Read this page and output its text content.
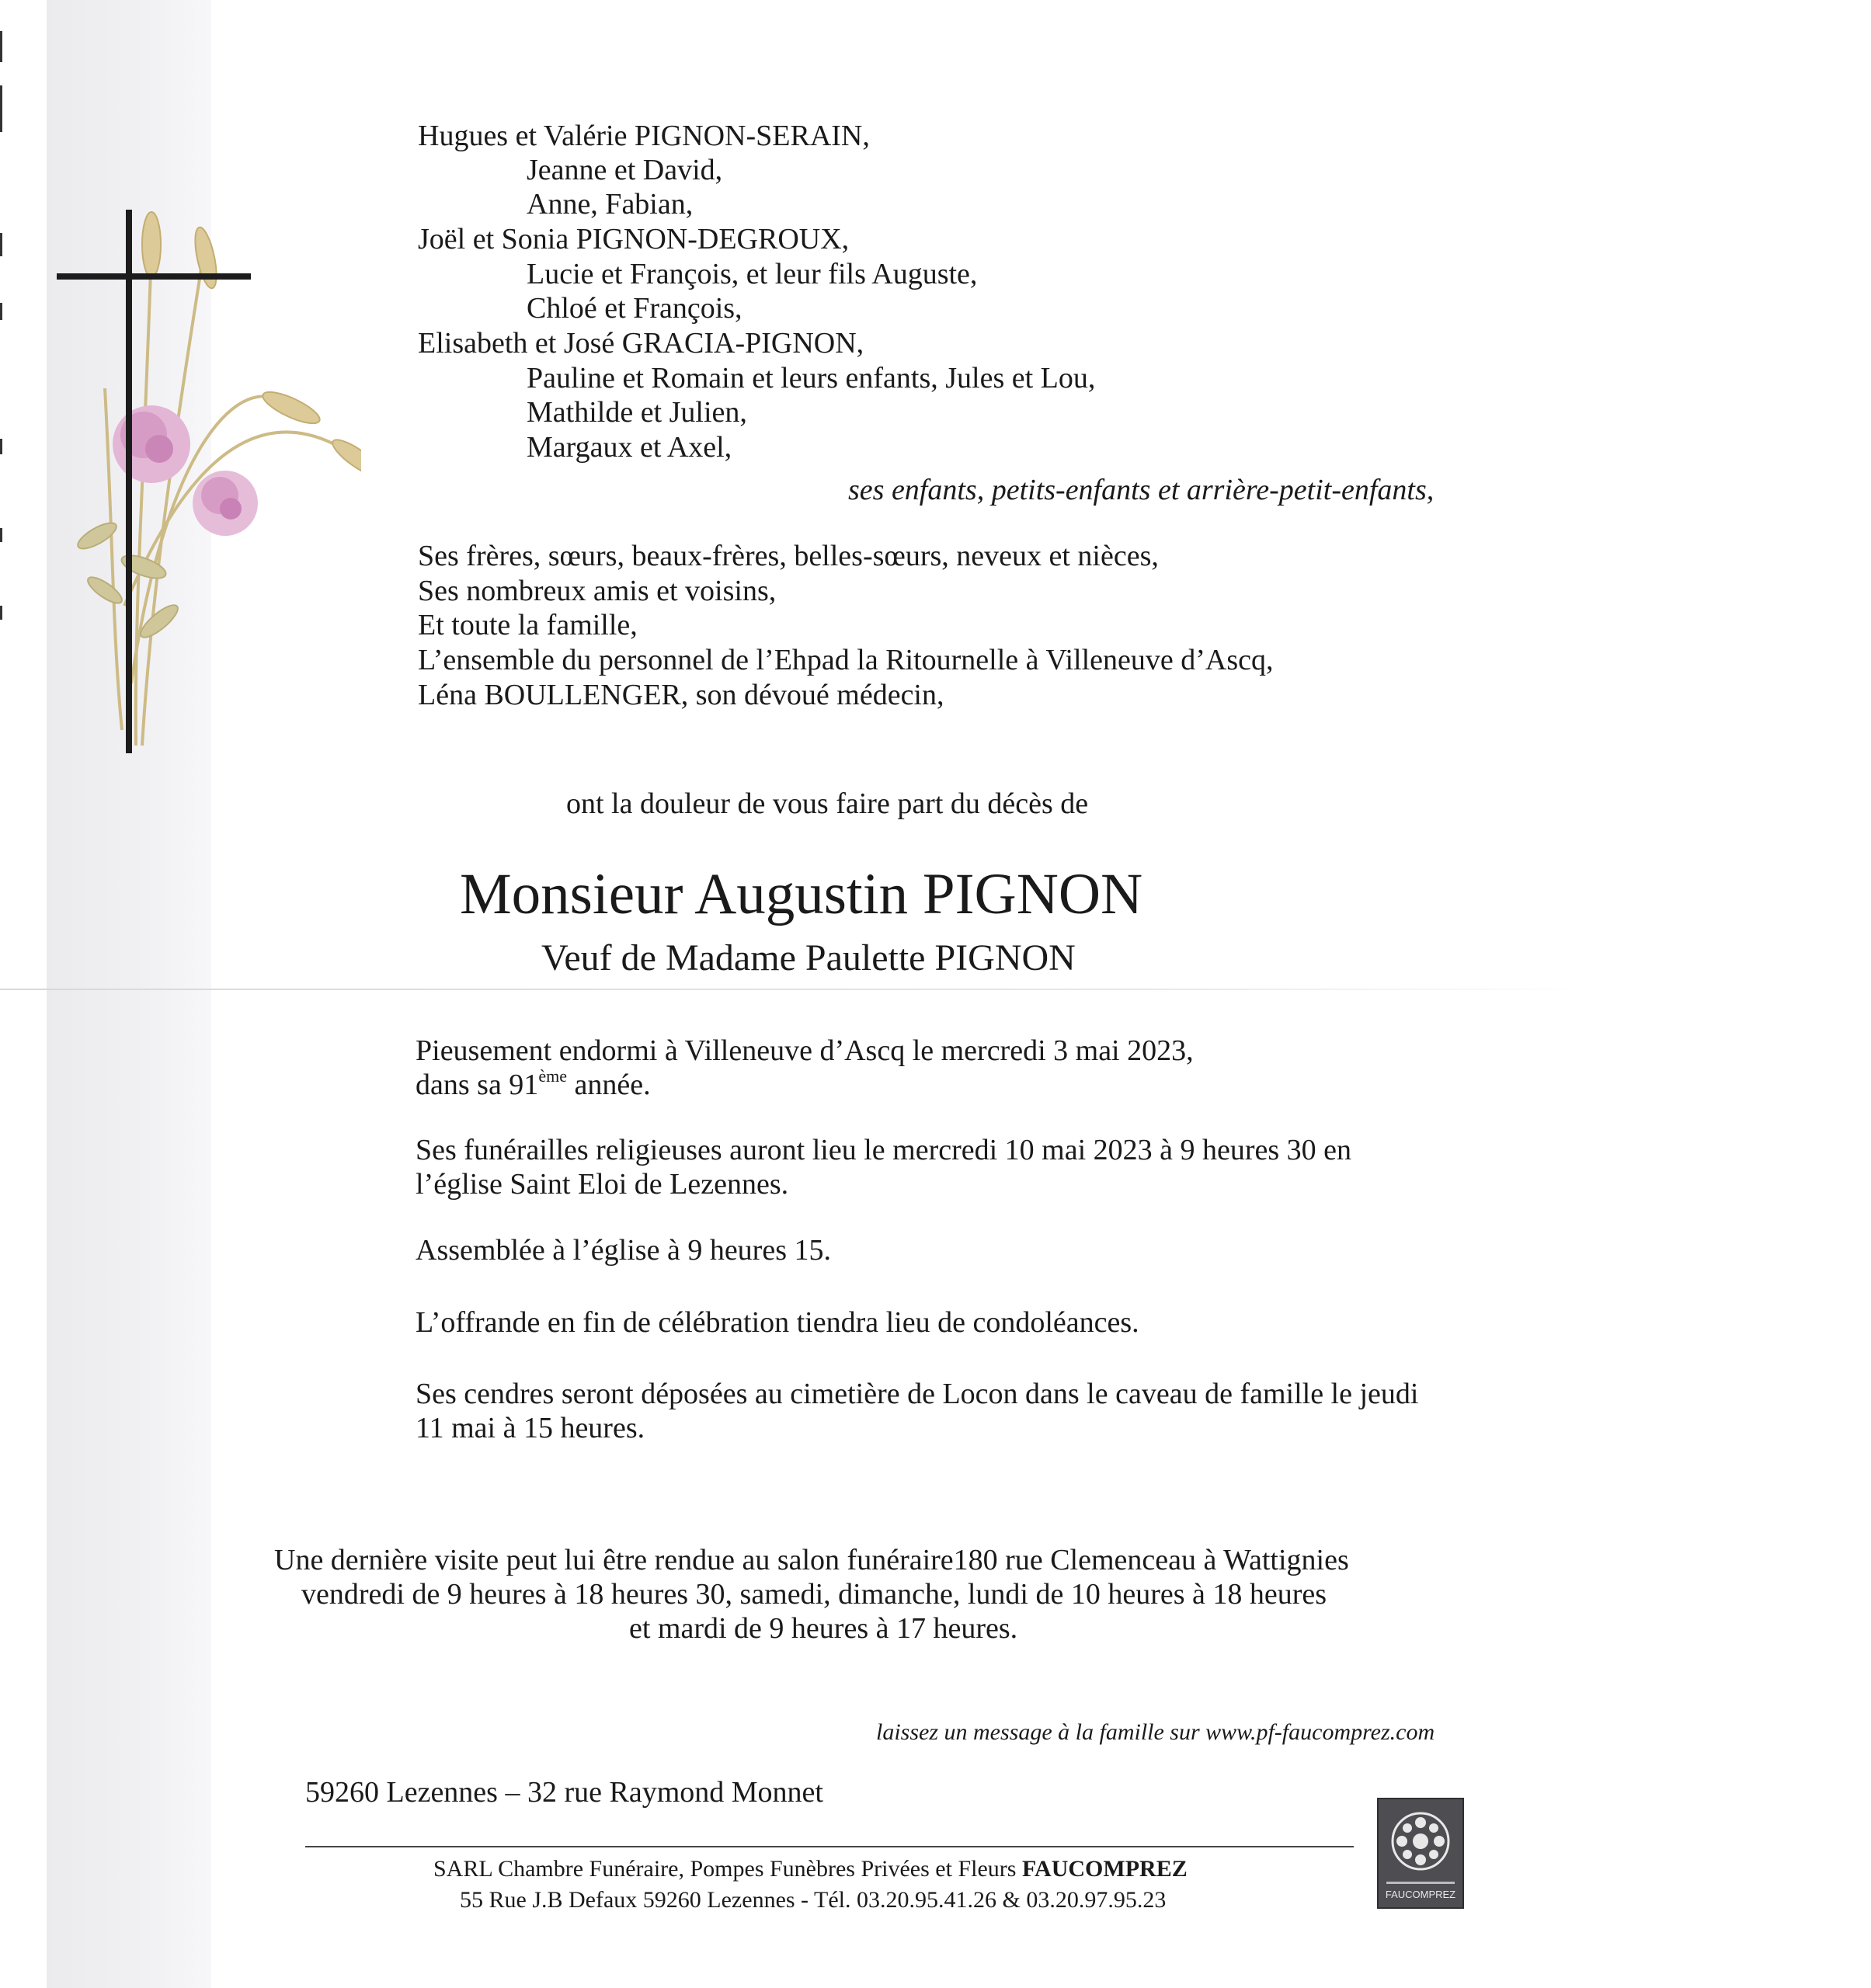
Hugues et Valérie PIGNON-SERAIN,
Jeanne et David,
Anne, Fabian,
Joël et Sonia PIGNON-DEGROUX,
Lucie et François, et leur fils Auguste,
Chloé et François,
Elisabeth et José GRACIA-PIGNON,
Pauline et Romain et leurs enfants, Jules et Lou,
Mathilde et Julien,
Margaux et Axel,
ses enfants, petits-enfants et arrière-petit-enfants,
Ses frères, sœurs, beaux-frères, belles-sœurs, neveux et nièces,
Ses nombreux amis et voisins,
Et toute la famille,
L’ensemble du personnel de l’Ehpad la Ritournelle à Villeneuve d’Ascq,
Léna BOULLENGER, son dévoué médecin,
ont la douleur de vous faire part du décès de
Monsieur Augustin PIGNON
Veuf de Madame Paulette PIGNON
Pieusement endormi à Villeneuve d’Ascq le mercredi 3 mai 2023,
dans sa 91ème année.
Ses funérailles religieuses auront lieu le mercredi 10 mai 2023 à 9 heures 30 en
l’église Saint Eloi de Lezennes.
Assemblée à l’église à 9 heures 15.
L’offrande en fin de célébration tiendra lieu de condoléances.
Ses cendres seront déposées au cimetière de Locon dans le caveau de famille le jeudi
11 mai à 15 heures.
Une dernière visite peut lui être rendue au salon funéraire180 rue Clemenceau à Wattignies
vendredi de 9 heures à 18 heures 30, samedi, dimanche, lundi de 10 heures à 18 heures
et mardi de 9 heures à 17 heures.
laissez un message à la famille sur www.pf-faucomprez.com
59260 Lezennes – 32 rue Raymond Monnet
SARL Chambre Funéraire, Pompes Funèbres Privées et Fleurs FAUCOMPREZ
55 Rue J.B Defaux 59260 Lezennes - Tél. 03.20.95.41.26 & 03.20.97.95.23	FAUCOMPREZ
